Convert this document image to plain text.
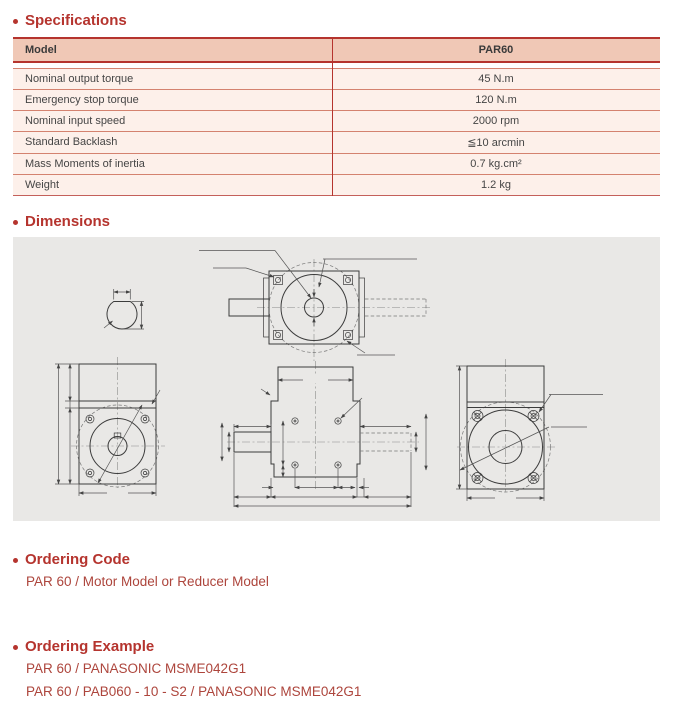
Specifications
Model	PAR60
Nominal output torque	45 N.m
Emergency stop torque	120 N.m
Nominal input speed	2000 rpm
Standard Backlash	≦10 arcmin
Mass Moments of inertia	0.7 kg.cm²
Weight	1.2 kg
Dimensions
Ordering Code
PAR 60 / Motor Model or Reducer Model
Ordering Example
PAR 60 / PANASONIC MSME042G1
PAR 60 / PAB060 - 10 - S2 / PANASONIC MSME042G1
